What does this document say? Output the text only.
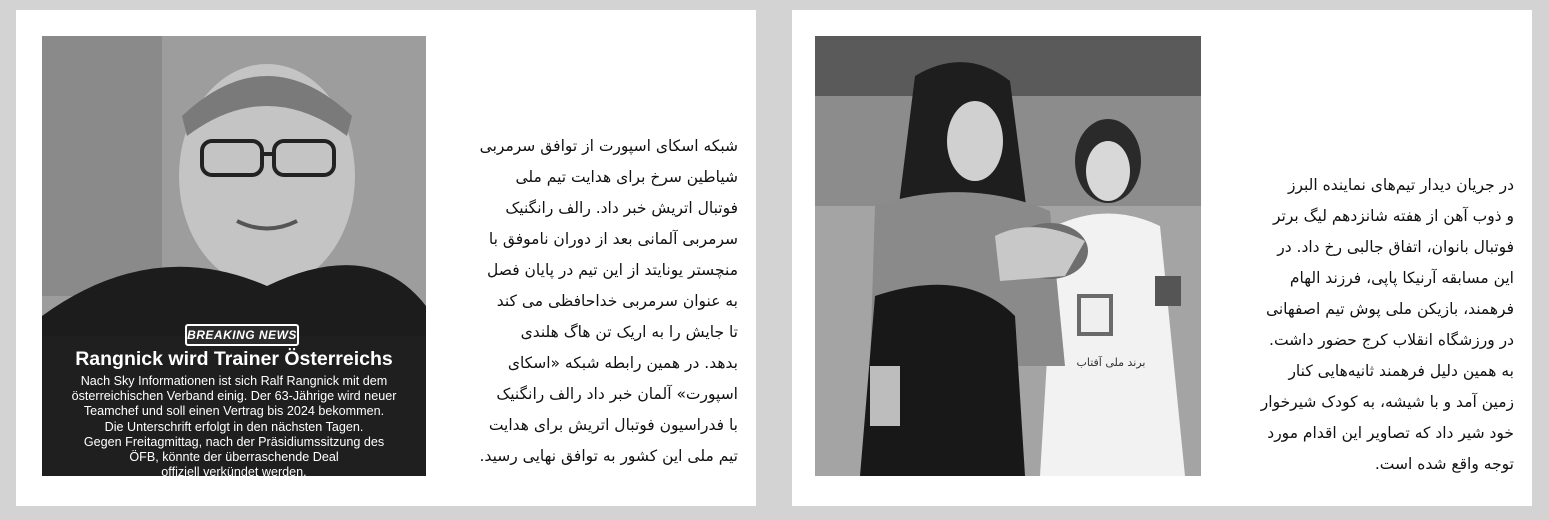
برند ملی آفتاب
در جریان دیدار تیم‌های نماینده البرز
و ذوب آهن از هفته شانزدهم لیگ برتر
فوتبال بانوان، اتفاق جالبی رخ داد. در
این مسابقه آرنیکا پاپی، فرزند الهام
فرهمند، بازیکن ملی پوش تیم اصفهانی
در ورزشگاه انقلاب کرج حضور داشت.
به همین دلیل فرهمند ثانیه‌هایی کنار
زمین آمد و با شیشه، به کودک شیرخوار
خود شیر داد که تصاویر این اقدام مورد
توجه واقع شده است.
BREAKING NEWS
Rangnick wird Trainer Österreichs
Nach Sky Informationen ist sich Ralf Rangnick mit dem
österreichischen Verband einig. Der 63-Jährige wird neuer
Teamchef und soll einen Vertrag bis 2024 bekommen.
Die Unterschrift erfolgt in den nächsten Tagen.
Gegen Freitagmittag, nach der Präsidiumssitzung des
ÖFB, könnte der überraschende Deal
offiziell verkündet werden.
شبکه اسکای اسپورت از توافق سرمربی
شیاطین سرخ برای هدایت تیم ملی
فوتبال اتریش خبر داد. رالف رانگنیک
سرمربی آلمانی بعد از دوران ناموفق با
منچستر یونایتد از این تیم در پایان فصل
به عنوان سرمربی خداحافظی می کند
تا جایش را به اریک تن هاگ هلندی
بدهد. در همین رابطه شبکه «اسکای
اسپورت» آلمان خبر داد رالف رانگنیک
با فدراسیون فوتبال اتریش برای هدایت
تیم ملی این کشور به توافق نهایی رسید.
